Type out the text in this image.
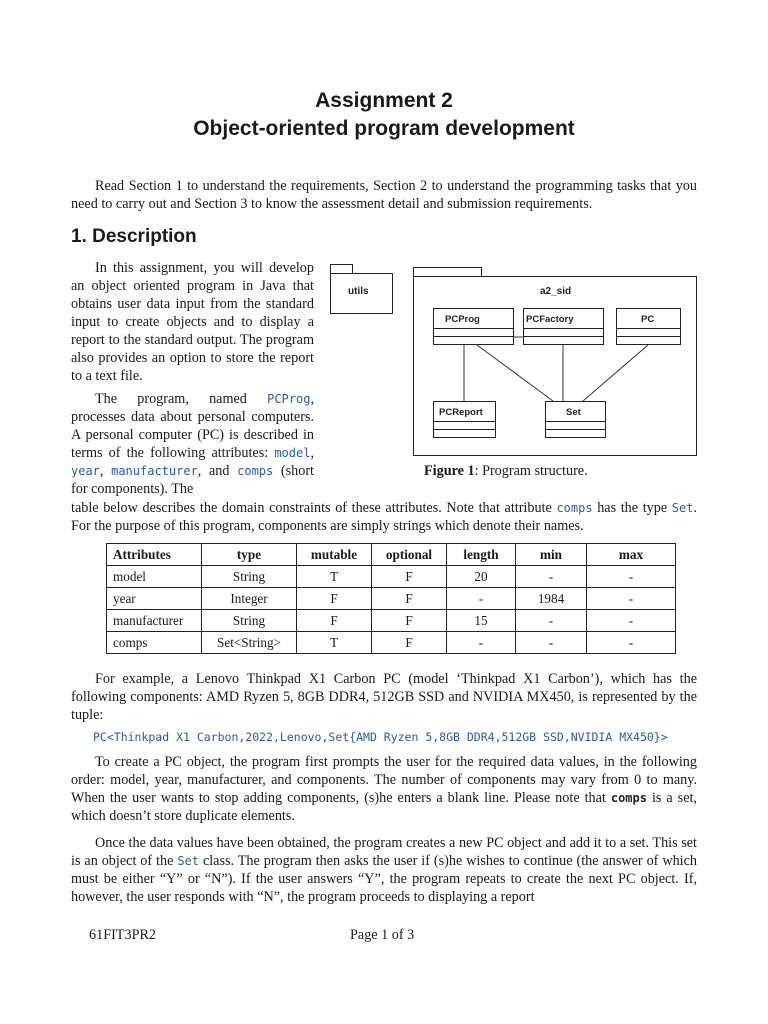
Assignment 2
Object-oriented program development

Read Section 1 to understand the requirements, Section 2 to understand the programming tasks that you need to carry out and Section 3 to know the assessment detail and submission requirements.

1. Description

In this assignment, you will develop an object oriented program in Java that obtains user data input from the standard input to create objects and to display a report to the standard output. The program also provides an option to store the report to a text file.

The program, named PCProg, processes data about personal computers. A personal computer (PC) is described in terms of the following attributes: model, year, manufacturer, and comps (short for components). The

table below describes the domain constraints of these attributes. Note that attribute comps has the type Set. For the purpose of this program, components are simply strings which denote their names.

utils	a2_sid
PCProg	PCFactory	PC
PCReport	Set
Figure 1: Program structure.
Attributes	type	mutable	optional	length	min	max
model	String	T	F	20	-	-
year	Integer	F	F	-	1984	-
manufacturer	String	F	F	15	-	-
comps	Set<String>	T	F	-	-	-

For example, a Lenovo Thinkpad X1 Carbon PC (model ‘Thinkpad X1 Carbon’), which has the following components: AMD Ryzen 5, 8GB DDR4, 512GB SSD and NVIDIA MX450, is represented by the tuple:

PC<Thinkpad X1 Carbon,2022,Lenovo,Set{AMD Ryzen 5,8GB DDR4,512GB SSD,NVIDIA MX450}>

To create a PC object, the program first prompts the user for the required data values, in the following order: model, year, manufacturer, and components. The number of components may vary from 0 to many. When the user wants to stop adding components, (s)he enters a blank line. Please note that comps is a set, which doesn’t store duplicate elements.

Once the data values have been obtained, the program creates a new PC object and add it to a set. This set is an object of the Set class. The program then asks the user if (s)he wishes to continue (the answer of which must be either “Y” or “N”). If the user answers “Y”, the program repeats to create the next PC object. If, however, the user responds with “N”, the program proceeds to displaying a report

61FIT3PR2	Page 1 of 3
